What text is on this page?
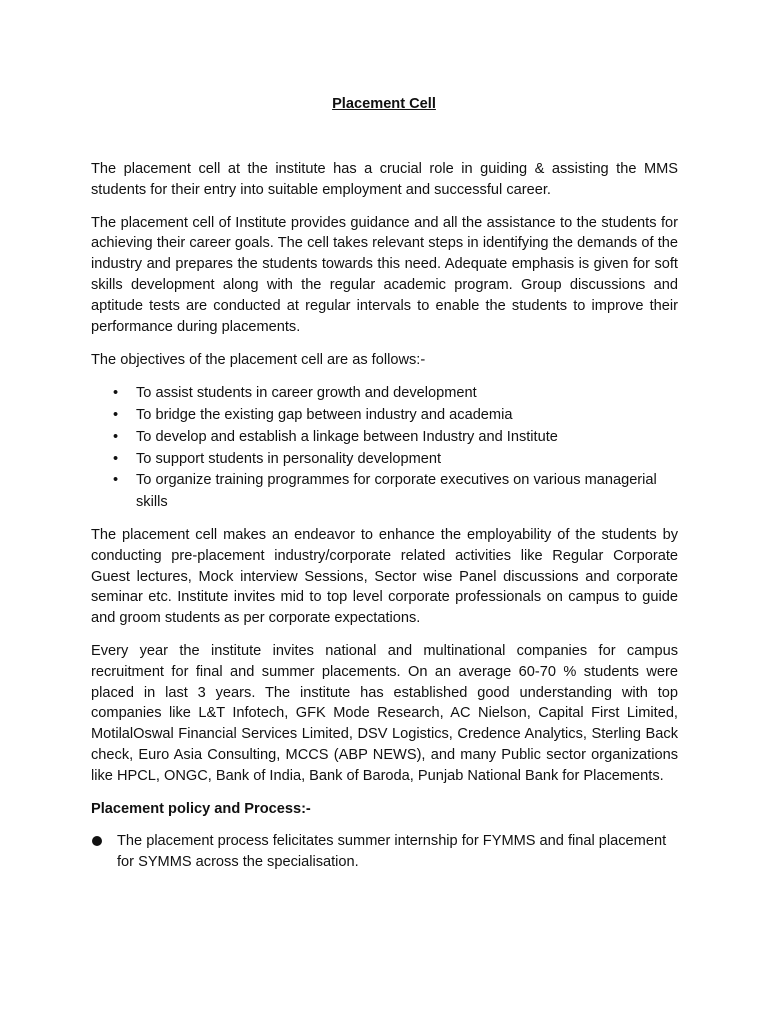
Placement Cell

The placement cell at the institute has a crucial role in guiding & assisting the MMS students for their entry into suitable employment and successful career.

The placement cell of Institute provides guidance and all the assistance to the students for achieving their career goals. The cell takes relevant steps in identifying the demands of the industry and prepares the students towards this need. Adequate emphasis is given for soft skills development along with the regular academic program. Group discussions and aptitude tests are conducted at regular intervals to enable the students to improve their performance during placements.

The objectives of the placement cell are as follows:-

• To assist students in career growth and development
• To bridge the existing gap between industry and academia
• To develop and establish a linkage between Industry and Institute
• To support students in personality development
• To organize training programmes for corporate executives on various managerial skills

The placement cell makes an endeavor to enhance the employability of the students by conducting pre-placement industry/corporate related activities like Regular Corporate Guest lectures, Mock interview Sessions, Sector wise Panel discussions and corporate seminar etc. Institute invites mid to top level corporate professionals on campus to guide and groom students as per corporate expectations.

Every year the institute invites national and multinational companies for campus recruitment for final and summer placements. On an average 60-70 % students were placed in last 3 years. The institute has established good understanding with top companies like L&T Infotech, GFK Mode Research, AC Nielson, Capital First Limited, MotilalOswal Financial Services Limited, DSV Logistics, Credence Analytics, Sterling Back check, Euro Asia Consulting, MCCS (ABP NEWS), and many Public sector organizations like HPCL, ONGC, Bank of India, Bank of Baroda, Punjab National Bank for Placements.

Placement policy and Process:-
The placement process felicitates summer internship for FYMMS and final placement for SYMMS across the specialisation.
